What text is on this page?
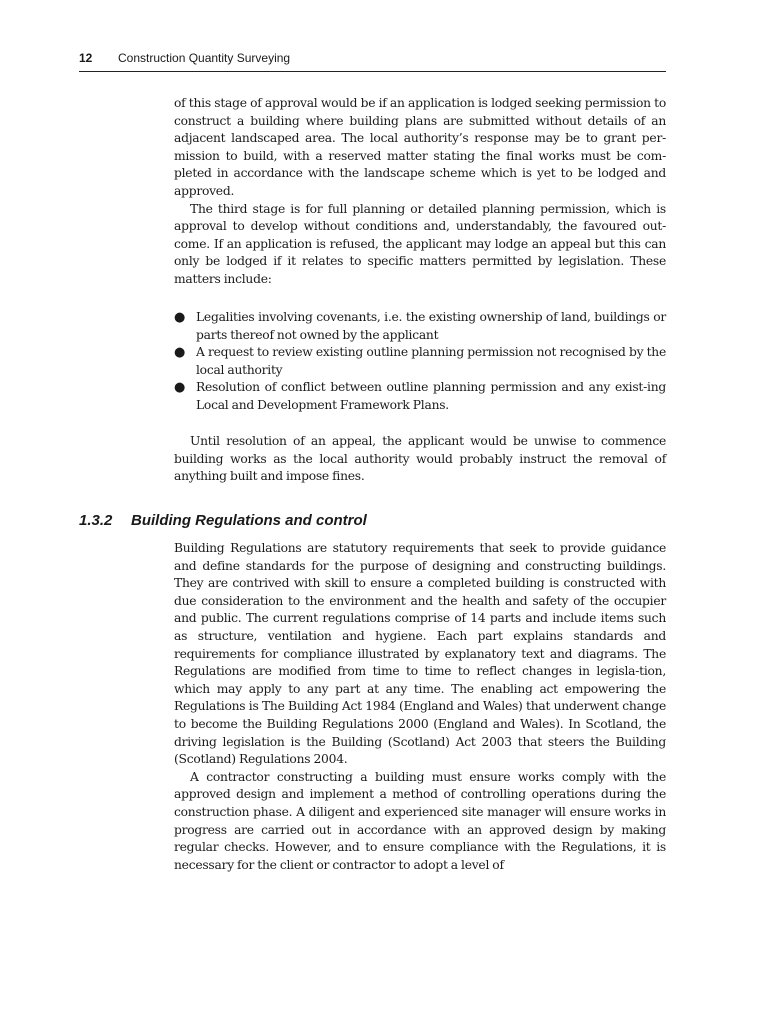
12 Construction Quantity Surveying

of this stage of approval would be if an application is lodged seeking permission to construct a building where building plans are submitted without details of an adjacent landscaped area. The local authority’s response may be to grant per-mission to build, with a reserved matter stating the final works must be com-pleted in accordance with the landscape scheme which is yet to be lodged and approved.

The third stage is for full planning or detailed planning permission, which is approval to develop without conditions and, understandably, the favoured out-come. If an application is refused, the applicant may lodge an appeal but this can only be lodged if it relates to specific matters permitted by legislation. These matters include:

● Legalities involving covenants, i.e. the existing ownership of land, buildings or parts thereof not owned by the applicant
● A request to review existing outline planning permission not recognised by the local authority
● Resolution of conflict between outline planning permission and any exist-ing Local and Development Framework Plans.

Until resolution of an appeal, the applicant would be unwise to commence building works as the local authority would probably instruct the removal of anything built and impose fines.

1.3.2 Building Regulations and control

Building Regulations are statutory requirements that seek to provide guidance and define standards for the purpose of designing and constructing buildings. They are contrived with skill to ensure a completed building is constructed with due consideration to the environment and the health and safety of the occupier and public. The current regulations comprise of 14 parts and include items such as structure, ventilation and hygiene. Each part explains standards and requirements for compliance illustrated by explanatory text and diagrams. The Regulations are modified from time to time to reflect changes in legisla-tion, which may apply to any part at any time. The enabling act empowering the Regulations is The Building Act 1984 (England and Wales) that underwent change to become the Building Regulations 2000 (England and Wales). In Scotland, the driving legislation is the Building (Scotland) Act 2003 that steers the Building (Scotland) Regulations 2004.

A contractor constructing a building must ensure works comply with the approved design and implement a method of controlling operations during the construction phase. A diligent and experienced site manager will ensure works in progress are carried out in accordance with an approved design by making regular checks. However, and to ensure compliance with the Regulations, it is necessary for the client or contractor to adopt a level of
